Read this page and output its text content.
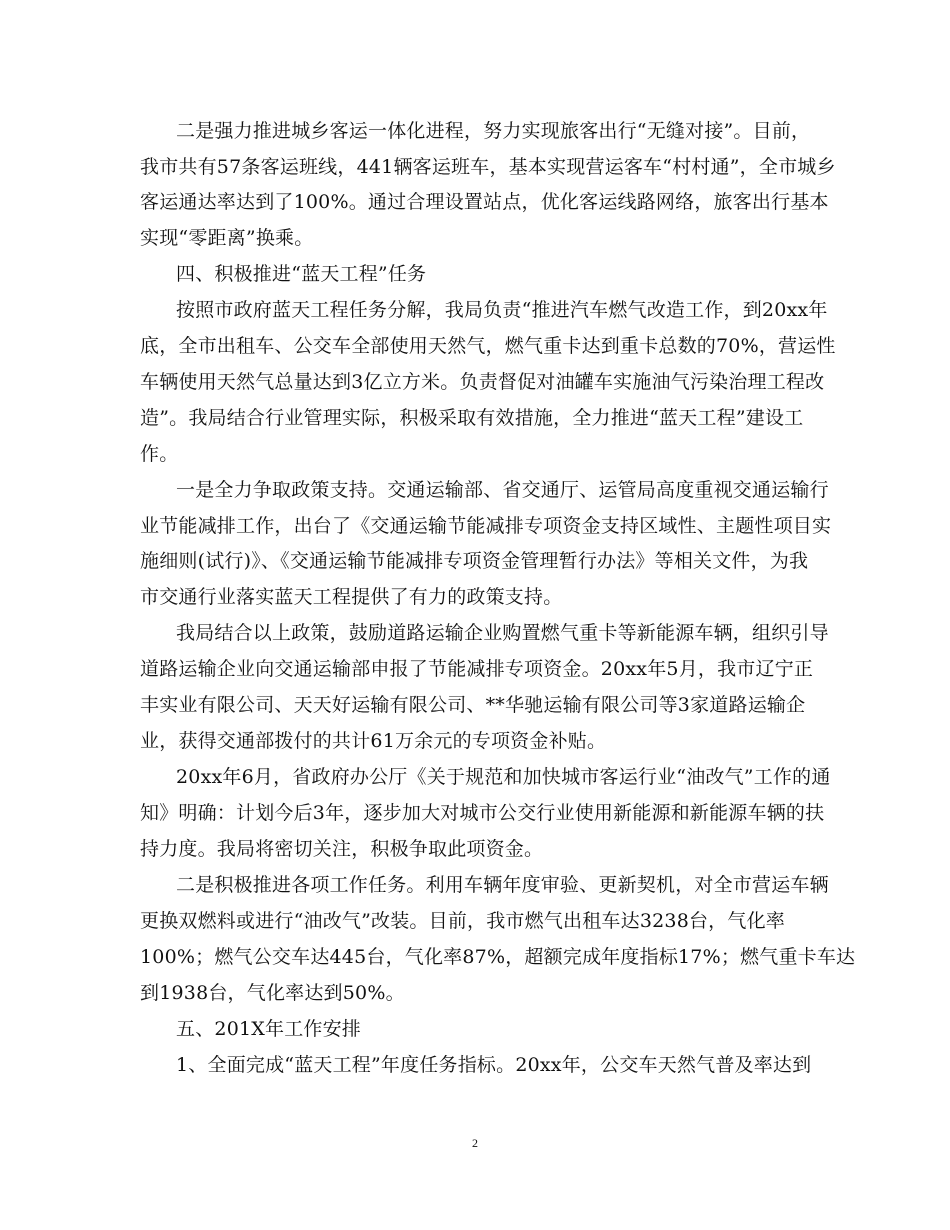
二是强力推进城乡客运一体化进程，努力实现旅客出行“无缝对接”。目前，
我市共有57条客运班线，441辆客运班车，基本实现营运客车“村村通”，全市城乡
客运通达率达到了100%。通过合理设置站点，优化客运线路网络，旅客出行基本
实现“零距离”换乘。
四、积极推进“蓝天工程”任务
按照市政府蓝天工程任务分解，我局负责“推进汽车燃气改造工作，到20xx年
底，全市出租车、公交车全部使用天然气，燃气重卡达到重卡总数的70%，营运性
车辆使用天然气总量达到3亿立方米。负责督促对油罐车实施油气污染治理工程改
造”。我局结合行业管理实际，积极采取有效措施，全力推进“蓝天工程”建设工
作。
一是全力争取政策支持。交通运输部、省交通厅、运管局高度重视交通运输行
业节能减排工作，出台了《交通运输节能减排专项资金支持区域性、主题性项目实
施细则(试行)》、《交通运输节能减排专项资金管理暂行办法》等相关文件，为我
市交通行业落实蓝天工程提供了有力的政策支持。
我局结合以上政策，鼓励道路运输企业购置燃气重卡等新能源车辆，组织引导
道路运输企业向交通运输部申报了节能减排专项资金。20xx年5月，我市辽宁正
丰实业有限公司、天天好运输有限公司、**华驰运输有限公司等3家道路运输企
业，获得交通部拨付的共计61万余元的专项资金补贴。
20xx年6月，省政府办公厅《关于规范和加快城市客运行业“油改气”工作的通
知》明确：计划今后3年，逐步加大对城市公交行业使用新能源和新能源车辆的扶
持力度。我局将密切关注，积极争取此项资金。
二是积极推进各项工作任务。利用车辆年度审验、更新契机，对全市营运车辆
更换双燃料或进行“油改气”改装。目前，我市燃气出租车达3238台，气化率
100%；燃气公交车达445台，气化率87%，超额完成年度指标17%；燃气重卡车达
到1938台，气化率达到50%。
五、201X年工作安排
1、全面完成“蓝天工程”年度任务指标。20xx年，公交车天然气普及率达到
2
